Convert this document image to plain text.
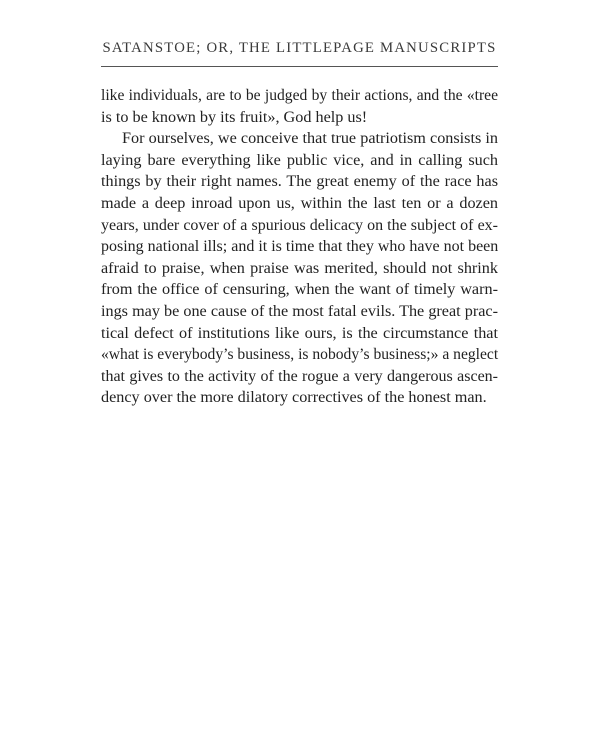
SATANSTOE; OR, THE LITTLEPAGE MANUSCRIPTS
like individuals, are to be judged by their actions, and the «tree
is to be known by its fruit», God help us!
For ourselves, we conceive that true patriotism consists in
laying bare everything like public vice, and in calling such
things by their right names. The great enemy of the race has
made a deep inroad upon us, within the last ten or a dozen
years, under cover of a spurious delicacy on the subject of ex-
posing national ills; and it is time that they who have not been
afraid to praise, when praise was merited, should not shrink
from the office of censuring, when the want of timely warn-
ings may be one cause of the most fatal evils. The great prac-
tical defect of institutions like ours, is the circumstance that
«what is everybody’s business, is nobody’s business;» a neglect
that gives to the activity of the rogue a very dangerous ascen-
dency over the more dilatory correctives of the honest man.
